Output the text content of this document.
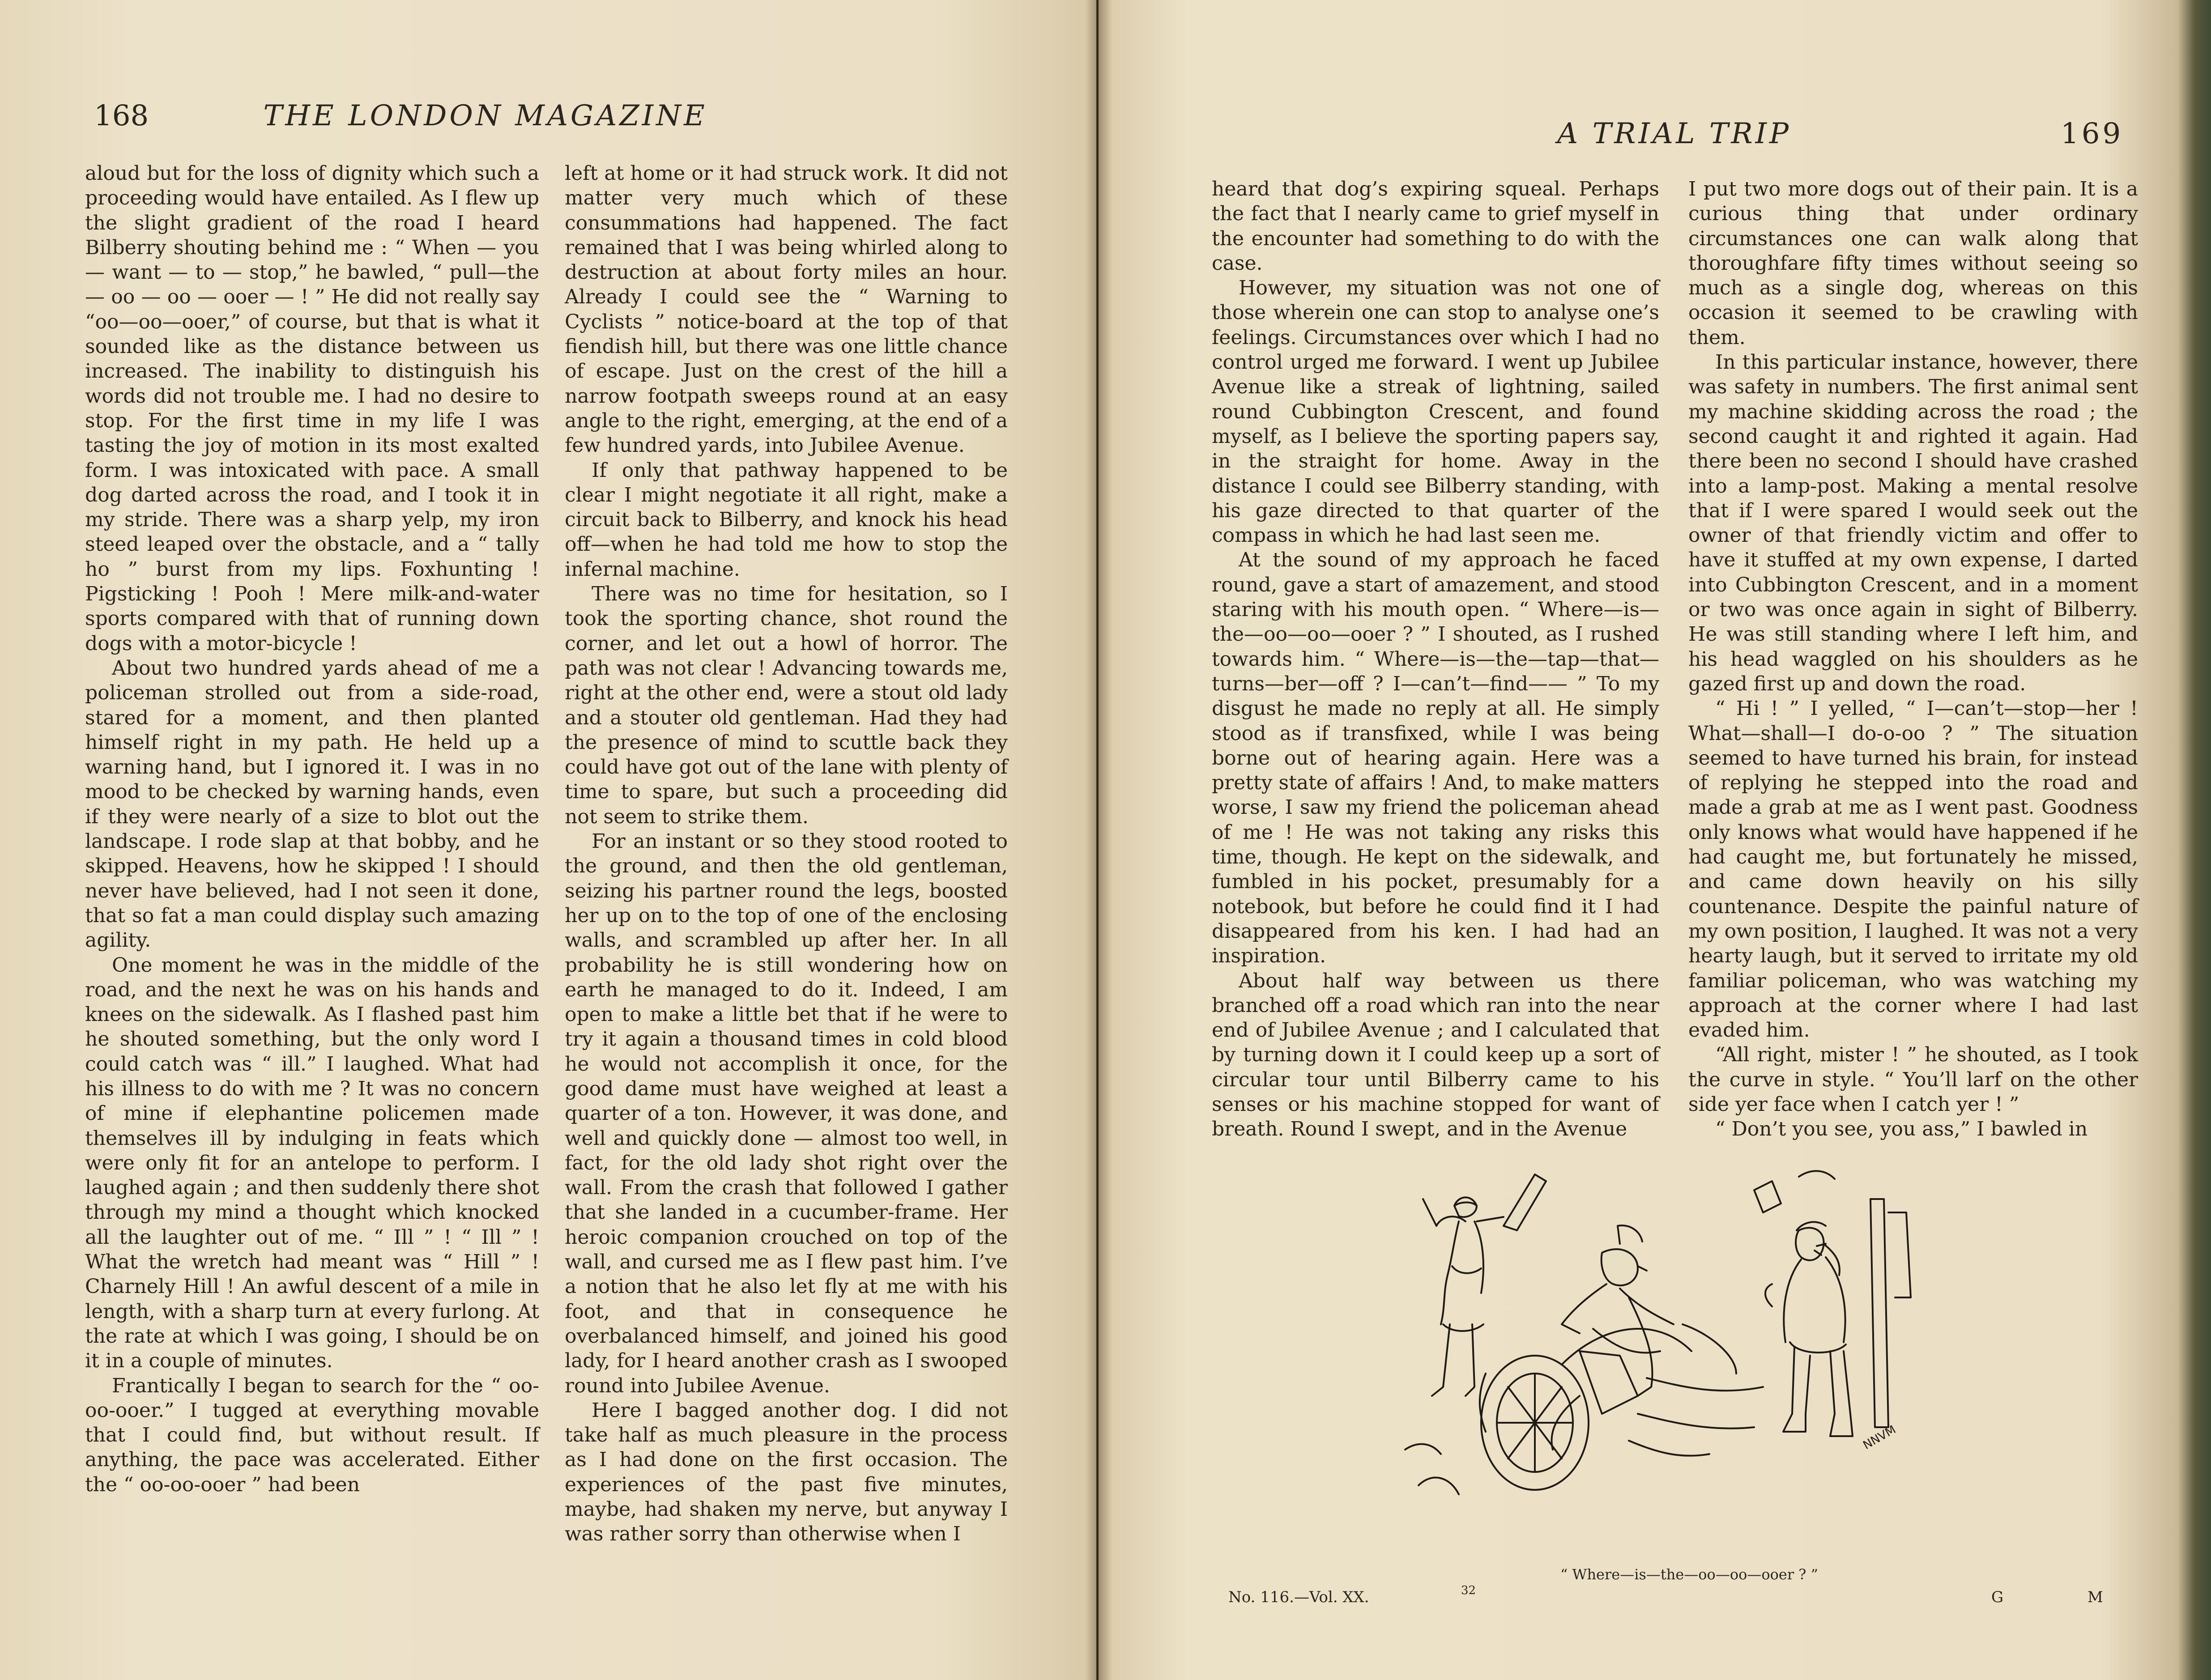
168	THE LONDON MAGAZINE

aloud but for the loss of dignity which such a proceeding would have entailed. As I flew up the slight gradient of the road I heard Bilberry shouting behind me : “ When — you — want — to — stop,” he bawled, “ pull—the — oo — oo — ooer — ! ” He did not really say “oo—oo—ooer,” of course, but that is what it sounded like as the distance between us increased. The inability to distinguish his words did not trouble me. I had no desire to stop. For the first time in my life I was tasting the joy of motion in its most exalted form. I was intoxicated with pace. A small dog darted across the road, and I took it in my stride. There was a sharp yelp, my iron steed leaped over the obstacle, and a “ tally ho ” burst from my lips. Foxhunting ! Pigsticking ! Pooh ! Mere milk-and-water sports compared with that of running down dogs with a motor-bicycle !

About two hundred yards ahead of me a policeman strolled out from a side-road, stared for a moment, and then planted himself right in my path. He held up a warning hand, but I ignored it. I was in no mood to be checked by warning hands, even if they were nearly of a size to blot out the landscape. I rode slap at that bobby, and he skipped. Heavens, how he skipped ! I should never have believed, had I not seen it done, that so fat a man could display such amazing agility.

One moment he was in the middle of the road, and the next he was on his hands and knees on the sidewalk. As I flashed past him he shouted something, but the only word I could catch was “ ill.” I laughed. What had his illness to do with me ? It was no concern of mine if elephantine policemen made themselves ill by indulging in feats which were only fit for an antelope to perform. I laughed again ; and then suddenly there shot through my mind a thought which knocked all the laughter out of me. “ Ill ” ! “ Ill ” ! What the wretch had meant was “ Hill ” ! Charnely Hill ! An awful descent of a mile in length, with a sharp turn at every furlong. At the rate at which I was going, I should be on it in a couple of minutes.

Frantically I began to search for the “ oo-oo-ooer.” I tugged at everything movable that I could find, but without result. If anything, the pace was accelerated. Either the “ oo-oo-ooer ” had been

left at home or it had struck work. It did not matter very much which of these consummations had happened. The fact remained that I was being whirled along to destruction at about forty miles an hour. Already I could see the “ Warning to Cyclists ” notice-board at the top of that fiendish hill, but there was one little chance of escape. Just on the crest of the hill a narrow footpath sweeps round at an easy angle to the right, emerging, at the end of a few hundred yards, into Jubilee Avenue.

If only that pathway happened to be clear I might negotiate it all right, make a circuit back to Bilberry, and knock his head off—when he had told me how to stop the infernal machine.

There was no time for hesitation, so I took the sporting chance, shot round the corner, and let out a howl of horror. The path was not clear ! Advancing towards me, right at the other end, were a stout old lady and a stouter old gentleman. Had they had the presence of mind to scuttle back they could have got out of the lane with plenty of time to spare, but such a proceeding did not seem to strike them.

For an instant or so they stood rooted to the ground, and then the old gentleman, seizing his partner round the legs, boosted her up on to the top of one of the enclosing walls, and scrambled up after her. In all probability he is still wondering how on earth he managed to do it. Indeed, I am open to make a little bet that if he were to try it again a thousand times in cold blood he would not accomplish it once, for the good dame must have weighed at least a quarter of a ton. However, it was done, and well and quickly done — almost too well, in fact, for the old lady shot right over the wall. From the crash that followed I gather that she landed in a cucumber-frame. Her heroic companion crouched on top of the wall, and cursed me as I flew past him. I’ve a notion that he also let fly at me with his foot, and that in consequence he overbalanced himself, and joined his good lady, for I heard another crash as I swooped round into Jubilee Avenue.

Here I bagged another dog. I did not take half as much pleasure in the process as I had done on the first occasion. The experiences of the past five minutes, maybe, had shaken my nerve, but anyway I was rather sorry than otherwise when I

A TRIAL TRIP	169

heard that dog’s expiring squeal. Perhaps the fact that I nearly came to grief myself in the encounter had something to do with the case.

However, my situation was not one of those wherein one can stop to analyse one’s feelings. Circumstances over which I had no control urged me forward. I went up Jubilee Avenue like a streak of lightning, sailed round Cubbington Crescent, and found myself, as I believe the sporting papers say, in the straight for home. Away in the distance I could see Bilberry standing, with his gaze directed to that quarter of the compass in which he had last seen me.

At the sound of my approach he faced round, gave a start of amazement, and stood staring with his mouth open. “ Where—is—the—oo—oo—ooer ? ” I shouted, as I rushed towards him. “ Where—is—the—tap—that—turns—ber—off ? I—can’t—find—— ” To my disgust he made no reply at all. He simply stood as if transfixed, while I was being borne out of hearing again. Here was a pretty state of affairs ! And, to make matters worse, I saw my friend the policeman ahead of me ! He was not taking any risks this time, though. He kept on the sidewalk, and fumbled in his pocket, presumably for a notebook, but before he could find it I had disappeared from his ken. I had had an inspiration.

About half way between us there branched off a road which ran into the near end of Jubilee Avenue ; and I calculated that by turning down it I could keep up a sort of circular tour until Bilberry came to his senses or his machine stopped for want of breath. Round I swept, and in the Avenue

I put two more dogs out of their pain. It is a curious thing that under ordinary circumstances one can walk along that thoroughfare fifty times without seeing so much as a single dog, whereas on this occasion it seemed to be crawling with them.

In this particular instance, however, there was safety in numbers. The first animal sent my machine skidding across the road ; the second caught it and righted it again. Had there been no second I should have crashed into a lamp-post. Making a mental resolve that if I were spared I would seek out the owner of that friendly victim and offer to have it stuffed at my own expense, I darted into Cubbington Crescent, and in a moment or two was once again in sight of Bilberry. He was still standing where I left him, and his head waggled on his shoulders as he gazed first up and down the road.

“ Hi ! ” I yelled, “ I—can’t—stop—her ! What—shall—I do-o-oo ? ” The situation seemed to have turned his brain, for instead of replying he stepped into the road and made a grab at me as I went past. Goodness only knows what would have happened if he had caught me, but fortunately he missed, and came down heavily on his silly countenance. Despite the painful nature of my own position, I laughed. It was not a very hearty laugh, but it served to irritate my old familiar policeman, who was watching my approach at the corner where I had last evaded him.

“All right, mister ! ” he shouted, as I took the curve in style. “ You’ll larf on the other side yer face when I catch yer ! ”

“ Don’t you see, you ass,” I bawled in

No. 116.—Vol. XX.	32	G	M
NNVM
“ Where—is—the—oo—oo—ooer ? ”
